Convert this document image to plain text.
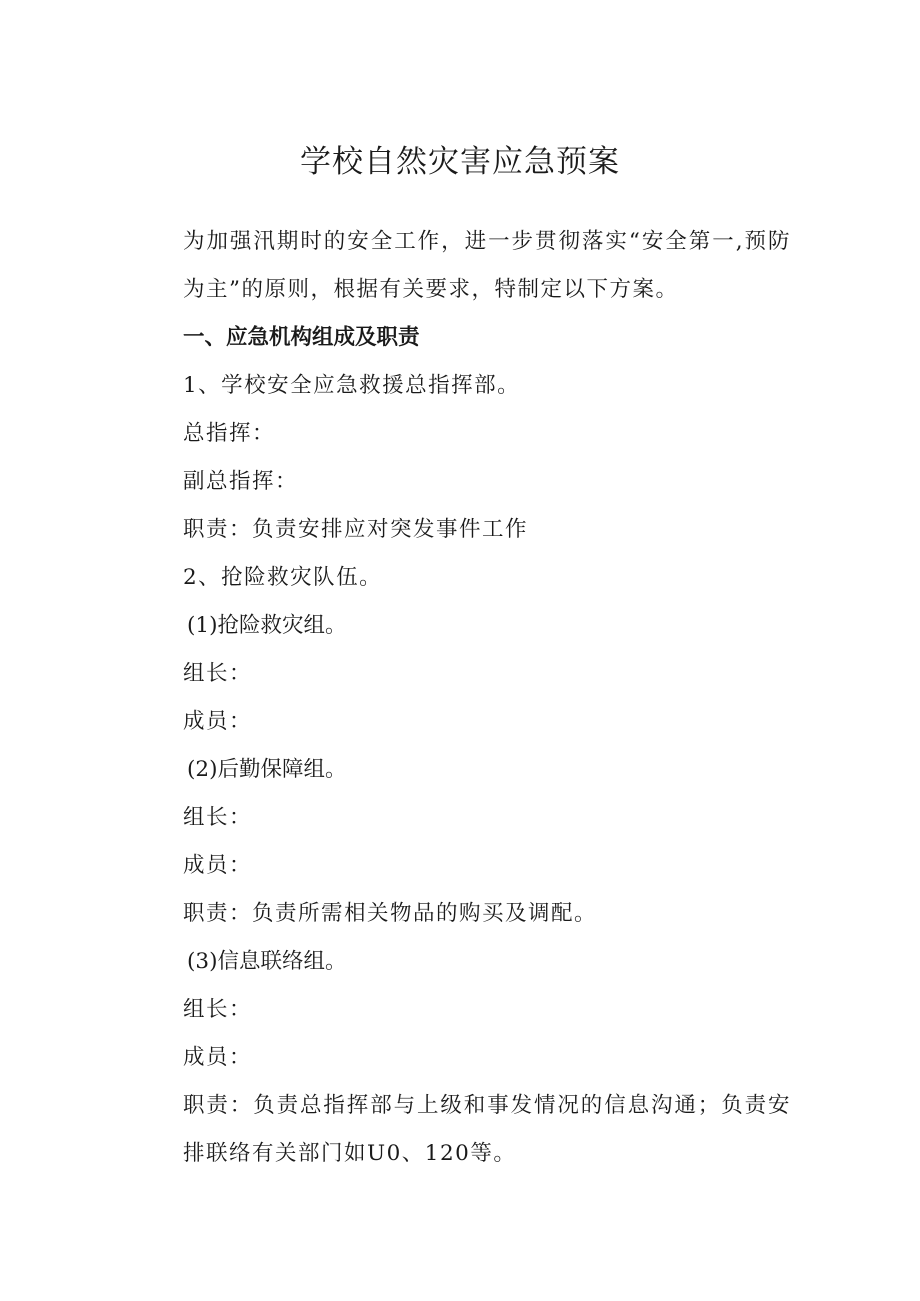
学校自然灾害应急预案

为加强汛期时的安全工作，进一步贯彻落实“安全第一,预防为主”的原则，根据有关要求，特制定以下方案。

一、应急机构组成及职责

1、学校安全应急救援总指挥部。

总指挥：

副总指挥：

职责：负责安排应对突发事件工作

2、抢险救灾队伍。

(1)抢险救灾组。

组长：

成员：

(2)后勤保障组。

组长：

成员：

职责：负责所需相关物品的购买及调配。

(3)信息联络组。

组长：

成员：

职责：负责总指挥部与上级和事发情况的信息沟通；负责安排联络有关部门如U0、120等。
